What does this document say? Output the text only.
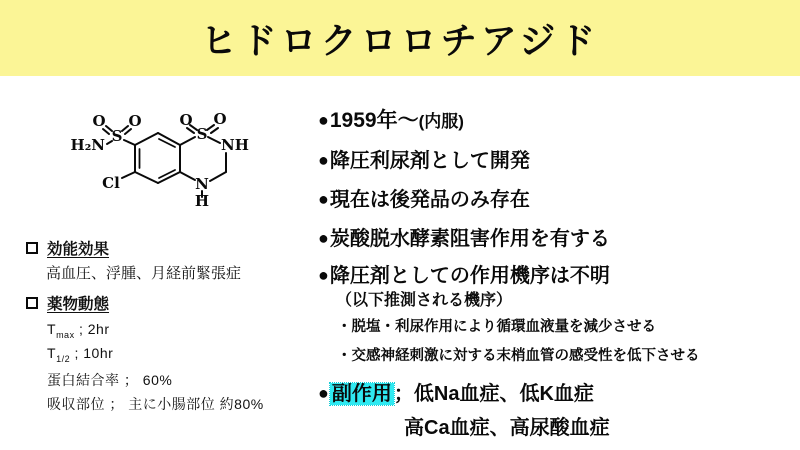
ヒドロクロロチアジド
H₂N
O O
S
Cl
O O
S
NH
N
H
効能効果
高血圧、浮腫、月経前緊張症
薬物動態
$T_{max}$ ; 2hr
$T_{1/2}$ ; 10hr
蛋白結合率 ； 60%
吸収部位 ； 主に小腸部位 約80%
●1959年～(内服)
●降圧利尿剤として開発
●現在は後発品のみ存在
●炭酸脱水酵素阻害作用を有する
●降圧剤としての作用機序は不明
（以下推測される機序）
・脱塩・利尿作用により循環血液量を減少させる
・交感神経刺激に対する末梢血管の感受性を低下させる
● 副作用 ；低Na血症、低K血症
高Ca血症、高尿酸血症
